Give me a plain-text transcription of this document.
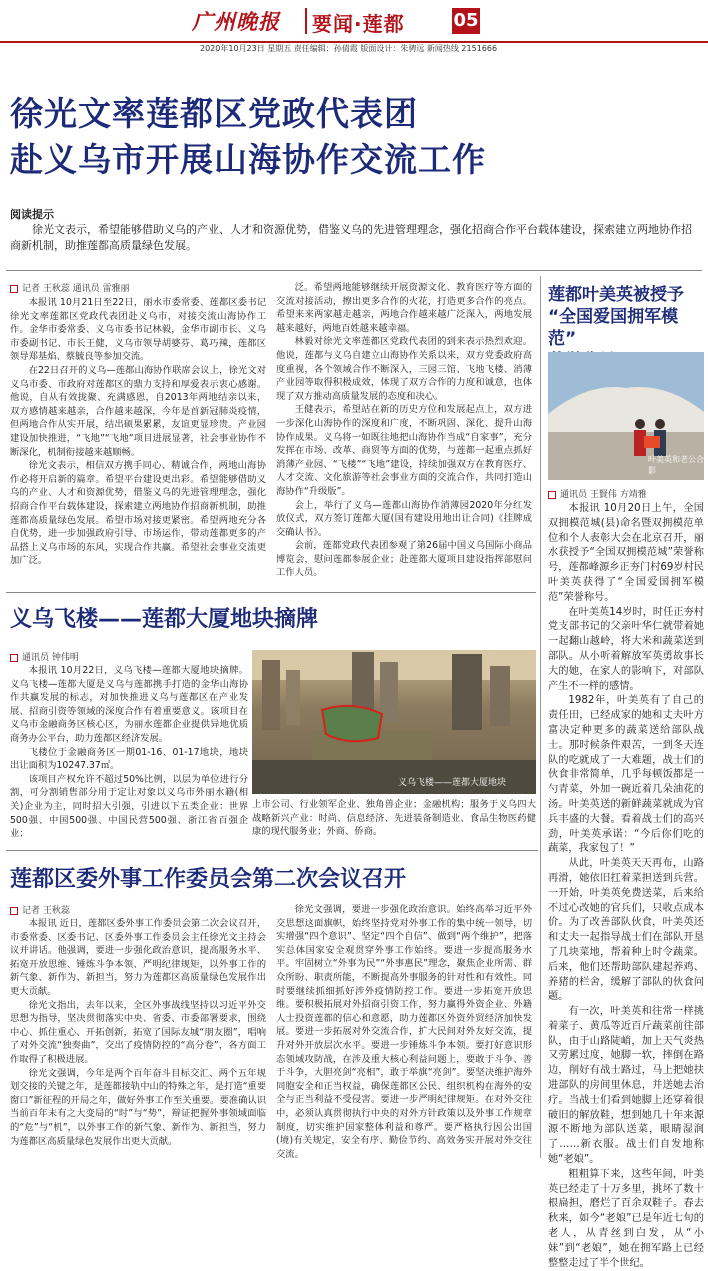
广州晚报 要闻·莲都	05
2020年10月23日 星期五 责任编辑：孙倩霞 版面设计：朱骋远 新闻热线 2151666
徐光文率莲都区党政代表团
赴义乌市开展山海协作交流工作
阅读提示
徐光文表示，希望能够借助义乌的产业、人才和资源优势，借鉴义乌的先进管理理念，强化招商合作平台载体建设，探索建立两地协作招商新机制，助推莲都高质量绿色发展。
记者 王秋蕊 通讯员 雷雅丽

本报讯 10月21日至22日，丽水市委常委、莲都区委书记徐光文率莲都区党政代表团赴义乌市，对接交流山海协作工作。金华市委常委、义乌市委书记林毅，金华市副市长、义乌市委副书记、市长王健，义乌市领导胡婆芬、葛巧辣，莲都区领导郑基焰、蔡毓良等参加交流。

在22日召开的义乌—莲都山海协作联席会议上，徐光文对义乌市委、市政府对莲都区的鼎力支持和厚爱表示衷心感谢。他说，自从有效拢聚、充满感恩，自2013年两地结亲以来，双方感情越来越亲，合作越来越深，今年是首新冠肺炎疫情，但两地合作从实开展，结出硕果累累，友谊更显珍贵。产业园建设加快推进，“飞地”“飞地”项目进展显著，社会事业协作不断深化，机制衔接越来越顺畅。

徐光文表示，相信双方携手同心、精诚合作，两地山海协作必将开启新的篇章。希望平台建设更出彩。希望能够借助义乌的产业、人才和资源优势，借鉴义乌的先进管理理念，强化招商合作平台载体建设，探索建立两地协作招商新机制，助推莲都高质量绿色发展。希望市场对接更紧密。希望两地充分各自优势，进一步加强政府引导、市场运作，带动莲都更多的产品搭上义乌市场的东风，实现合作共赢。希望社会事业交流更加广泛。

泛。希望两地能够继续开展资源文化、教育医疗等方面的交流对接活动，擦出更多合作的火花，打造更多合作的亮点。希望来来两家越走越亲，两地合作越来越广泛深入，两地发展越来越好，两地百姓越来越幸福。

林毅对徐光文率莲都区党政代表团的到来表示热烈欢迎。他说，莲都与义乌自建立山海协作关系以来，双方党委政府高度重视，各个领域合作不断深入，三园三馆、飞地飞楼、消薄产业园等取得积极成效，体现了双方合作的力度和诚意，也体现了双方推动高质量发展的态度和决心。

王健表示，希望站在新的历史方位和发展起点上，双方进一步深化山海协作的深度和广度，不断巩固、深化、提升山海协作成果。义乌将一如既往地把山海协作当成“自家事”，充分发挥在市场、改革、商贸等方面的优势，与莲都一起重点抓好消薄产业园、“飞楼”“飞地”建设，持续加强双方在教育医疗、人才交流、文化旅游等社会事业方面的交流合作，共同打造山海协作“升级版”。

会上，举行了义乌—莲都山海协作消薄园2020年分红发放仪式，双方签订莲都大厦(国有建设用地出让合同)《挂牌成交确认书》。

会前，莲都党政代表团参观了第26届中国义乌国际小商品博览会，慰问莲都参展企业；赴莲都大厦项目建设指挥部慰问工作人员。

义乌飞楼——莲都大厦地块摘牌
通讯员 钟伟明

本报讯 10月22日，义乌飞楼—莲都大厦地块摘牌。义乌飞楼—莲都大厦是义乌与莲都携手打造的金华山海协作共赢发展的标志，对加快推进义乌与莲都区在产业发展、招商引资等领域的深度合作有着重要意义。该项目在义乌市金融商务区核心区，为丽水莲都企业提供异地优质商务办公平台，助力莲都区经济发展。

飞楼位于金融商务区一期01-16、01-17地块，地块出让面积为10247.37㎡。

该项目产权允许不超过50%比例，以层为单位进行分割，可分割销售部分用于定让对象以义乌市外丽水籍(相关)企业为主，同时招大引强，引进以下五类企业：世界500强、中国500强、中国民营500强、浙江省百强企业；

义乌飞楼——莲都大厦地块

上市公司、行业领军企业、独角兽企业；金融机构；服务于义乌四大战略新兴产业：时尚、信息经济、先进装备制造业、食品生物医药健康的现代服务业；外商、侨商。

莲都区委外事工作委员会第二次会议召开
记者 王秋蕊

本报讯 近日，莲都区委外事工作委员会第二次会议召开，市委常委、区委书记、区委外事工作委员会主任徐光文主持会议并讲话。他强调，要进一步强化政治意识，提高服务水平、拓宽开放思维、锤炼斗争本领、严明纪律规矩，以外事工作的新气象、新作为、新担当，努力为莲都区高质量绿色发展作出更大贡献。

徐光文指出，去年以来，全区外事战线坚持以习近平外交思想为指导，坚决贯彻落实中央、省委、市委部署要求，围绕中心、抓住重心、开拓创新，拓宽了国际友城“朋友圈”，唱响了对外交流“独奏曲”，交出了疫情防控的“高分卷”，各方面工作取得了积极进展。

徐光文强调，今年是两个百年奋斗目标交汇、两个五年规划交接的关键之年，是莲都接轨中山的特殊之年，是打造“重要窗口”新征程的开局之年，做好外事工作至关重要。要准确认识当前百年未有之大变局的“时”与“势”，辩证把握外事领域面临的“危”与“机”，以外事工作的新气象、新作为、新担当，努力为莲都区高质量绿色发展作出更大贡献。

徐光文强调，要进一步强化政治意识。始终高举习近平外交思想这面旗帜，始终坚持党对外事工作的集中统一领导，切实增强“四个意识”、坚定“四个自信”、做到“两个维护”，把落实总体国家安全观贯穿外事工作始终。要进一步提高服务水平。牢固树立“外事为民”“外事惠民”理念，聚焦企业所需、群众所盼、职责所能，不断提高外事服务的针对性和有效性。同时要继续抓细抓好涉外疫情防控工作。要进一步拓宽开放思维。要积极拓展对外招商引资工作，努力赢得外资企业、外籍人士投资莲都的信心和意愿，助力莲都区外资外贸经济加快发展。要进一步拓展对外交流合作，扩大民间对外友好交流，提升对外开放层次水平。要进一步锤炼斗争本领。要打好意识形态领域攻防战，在涉及重大核心利益问题上，要敢于斗争、善于斗争，大胆亮剑“亮相”，敢于举旗“亮剑”。要坚决维护海外同胞安全和正当权益，确保莲都区公民、组织机构在海外的安全与正当利益不受侵害。要进一步严明纪律规矩。在对外交往中，必须认真贯彻执行中央的对外方针政策以及外事工作规章制度，切实维护国家整体利益和尊严。要严格执行因公出国(境)有关规定，安全有序、勤俭节约、高效务实开展对外交往交流。

莲都叶美英被授予
“全国爱国拥军模范”
叶美英和老公合影
通讯员 王賢伟 方靖雅

本报讯 10月20日上午，全国双拥模范城(县)命名暨双拥模范单位和个人表彰大会在北京召开，丽水获授予“全国双拥模范城”荣誉称号，莲都峰源乡正夯门村69岁村民叶美英获得了“全国爱国拥军模范”荣誉称号。

在叶美英14岁时，时任正夯村党支部书记的父亲叶华仁就带着她一起翻山越岭，将大米和蔬菜送到部队。从小听着解放军英勇故事长大的她，在家人的影响下，对部队产生不一样的感情。

1982年，叶美英有了自己的责任田，已经成家的她和丈夫叶方富决定种更多的蔬菜送给部队战士。那时候条件艰苦，一到冬天连队的吃就成了一大难题，战士们的伙食非常简单，几乎每顿饭都是一勺青菜，外加一碗近着几朵油花的汤。叶美英送的新鲜蔬菜就成为官兵丰盛的大餐。看着战士们的高兴劲，叶美英承诺：“今后你们吃的蔬菜，我家包了！”

从此，叶美英天天再布，山路再滑，她依旧扛着菜担送到兵营。一开始，叶美英免费送菜，后来给不过心改她的官兵们，只收点成本价。为了改善部队伙食，叶美英还和丈夫一起指导战士们在部队开垦了几块菜地，帮着种上时令蔬菜。后来，他们还帮助部队建起养鸡、养猪的栏舍，缓解了部队的伙食问题。

有一次，叶美英和往常一样挑着菜子、黄瓜等近百斤蔬菜前往部队，由于山路陡峭，加上天气炎热又劳累过度，她脚一软，摔倒在路边，削好有战士路过，马上把她扶进部队的房间里休息，并送她去治疗。当战士们看到她脚上还穿着很破旧的解放鞋，想到她几十年来源源不断地为部队送菜，眼睛湿润了……新衣服。战士们自发地称她“老娘”。

粗粗算下来，这些年间，叶美英已经走了十万多里，挑坏了数十根扁担，磨烂了百余双鞋子。春去秋来，如今“老娘”已是年近七旬的老人，从青丝到白发，从“小妹”到“老娘”，她在拥军路上已经整整走过了半个世纪。
